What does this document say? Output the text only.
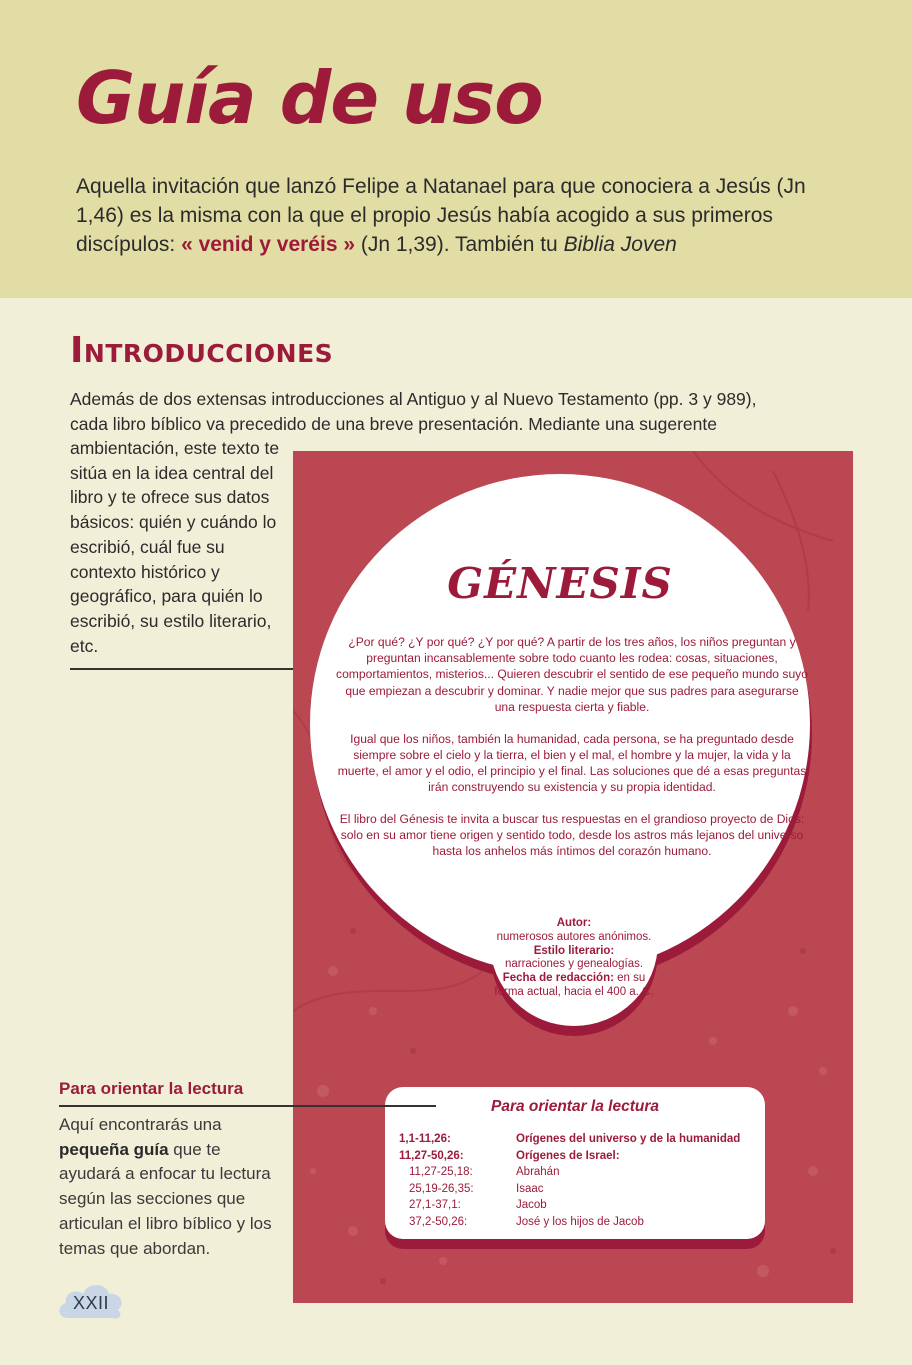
Guía de uso

Aquella invitación que lanzó Felipe a Natanael para que conociera a Jesús (Jn 1,46) es la misma con la que el propio Jesús había acogido a sus primeros discípulos: « venid y veréis » (Jn 1,39). También tu Biblia Joven

Introducciones

Además de dos extensas introducciones al Antiguo y al Nuevo Testamento (pp. 3 y 989), cada libro bíblico va precedido de una breve presentación. Mediante una sugerente

ambientación, este texto te sitúa en la idea central del libro y te ofrece sus datos básicos: quién y cuándo lo escribió, cuál fue su contexto histórico y geográfico, para quién lo escribió, su estilo literario, etc.

GÉNESIS

¿Por qué? ¿Y por qué? ¿Y por qué? A partir de los tres años, los niños preguntan y preguntan incansablemente sobre todo cuanto les rodea: cosas, situaciones, comportamientos, misterios... Quieren descubrir el sentido de ese pequeño mundo suyo que empiezan a descubrir y dominar. Y nadie mejor que sus padres para asegurarse una respuesta cierta y fiable.

Igual que los niños, también la humanidad, cada persona, se ha preguntado desde siempre sobre el cielo y la tierra, el bien y el mal, el hombre y la mujer, la vida y la muerte, el amor y el odio, el principio y el final. Las soluciones que dé a esas preguntas irán construyendo su existencia y su propia identidad.

El libro del Génesis te invita a buscar tus respuestas en el grandioso proyecto de Dios: solo en su amor tiene origen y sentido todo, desde los astros más lejanos del universo hasta los anhelos más íntimos del corazón humano.

Autor:
numerosos autores anónimos.
Estilo literario:
narraciones y genealogías.
Fecha de redacción: en su forma actual, hacia el 400 a. C.
Para orientar la lectura
1,1-11,26:	Orígenes del universo y de la humanidad
11,27-50,26:	Orígenes de Israel:
11,27-25,18:	Abrahán
25,19-26,35:	Isaac
27,1-37,1:	Jacob
37,2-50,26:	José y los hijos de Jacob
Para orientar la lectura

Aquí encontrarás una pequeña guía que te ayudará a enfocar tu lectura según las secciones que articulan el libro bíblico y los temas que abordan.

XXII
